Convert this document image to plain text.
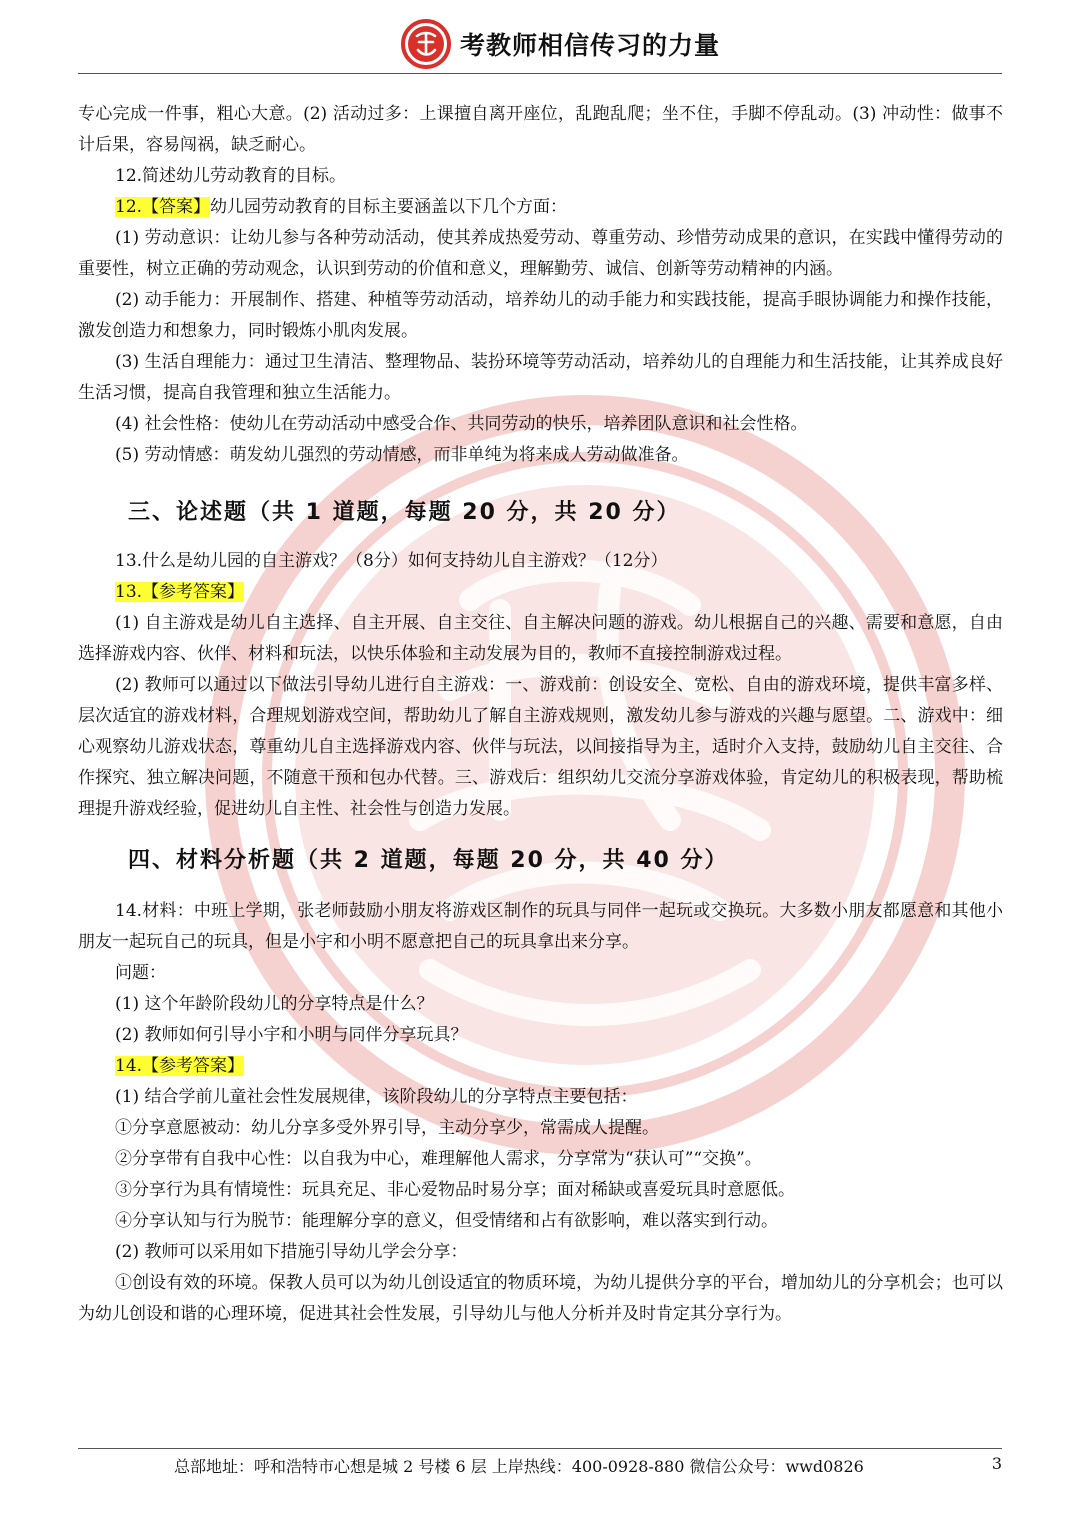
考教师相信传习的力量

专心完成一件事，粗心大意。(2) 活动过多：上课擅自离开座位，乱跑乱爬；坐不住，手脚不停乱动。(3) 冲动性：做事不计后果，容易闯祸，缺乏耐心。

12.简述幼儿劳动教育的目标。

12.【答案】幼儿园劳动教育的目标主要涵盖以下几个方面：

(1) 劳动意识：让幼儿参与各种劳动活动，使其养成热爱劳动、尊重劳动、珍惜劳动成果的意识，在实践中懂得劳动的重要性，树立正确的劳动观念，认识到劳动的价值和意义，理解勤劳、诚信、创新等劳动精神的内涵。

(2) 动手能力：开展制作、搭建、种植等劳动活动，培养幼儿的动手能力和实践技能，提高手眼协调能力和操作技能，激发创造力和想象力，同时锻炼小肌肉发展。

(3) 生活自理能力：通过卫生清洁、整理物品、装扮环境等劳动活动，培养幼儿的自理能力和生活技能，让其养成良好生活习惯，提高自我管理和独立生活能力。

(4) 社会性格：使幼儿在劳动活动中感受合作、共同劳动的快乐，培养团队意识和社会性格。

(5) 劳动情感：萌发幼儿强烈的劳动情感，而非单纯为将来成人劳动做准备。

三、论述题（共 1 道题，每题 20 分，共 20 分）

13.什么是幼儿园的自主游戏？（8分）如何支持幼儿自主游戏？（12分）

13.【参考答案】

(1) 自主游戏是幼儿自主选择、自主开展、自主交往、自主解决问题的游戏。幼儿根据自己的兴趣、需要和意愿，自由选择游戏内容、伙伴、材料和玩法，以快乐体验和主动发展为目的，教师不直接控制游戏过程。

(2) 教师可以通过以下做法引导幼儿进行自主游戏：一、游戏前：创设安全、宽松、自由的游戏环境，提供丰富多样、层次适宜的游戏材料，合理规划游戏空间，帮助幼儿了解自主游戏规则，激发幼儿参与游戏的兴趣与愿望。二、游戏中：细心观察幼儿游戏状态，尊重幼儿自主选择游戏内容、伙伴与玩法，以间接指导为主，适时介入支持，鼓励幼儿自主交往、合作探究、独立解决问题，不随意干预和包办代替。三、游戏后：组织幼儿交流分享游戏体验，肯定幼儿的积极表现，帮助梳理提升游戏经验，促进幼儿自主性、社会性与创造力发展。

四、材料分析题（共 2 道题，每题 20 分，共 40 分）

14.材料：中班上学期，张老师鼓励小朋友将游戏区制作的玩具与同伴一起玩或交换玩。大多数小朋友都愿意和其他小朋友一起玩自己的玩具，但是小宇和小明不愿意把自己的玩具拿出来分享。

问题：

(1) 这个年龄阶段幼儿的分享特点是什么？

(2) 教师如何引导小宇和小明与同伴分享玩具？

14.【参考答案】

(1) 结合学前儿童社会性发展规律，该阶段幼儿的分享特点主要包括：

①分享意愿被动：幼儿分享多受外界引导，主动分享少，常需成人提醒。

②分享带有自我中心性：以自我为中心，难理解他人需求，分享常为“获认可”“交换”。

③分享行为具有情境性：玩具充足、非心爱物品时易分享；面对稀缺或喜爱玩具时意愿低。

④分享认知与行为脱节：能理解分享的意义，但受情绪和占有欲影响，难以落实到行动。

(2) 教师可以采用如下措施引导幼儿学会分享：

①创设有效的环境。保教人员可以为幼儿创设适宜的物质环境，为幼儿提供分享的平台，增加幼儿的分享机会；也可以为幼儿创设和谐的心理环境，促进其社会性发展，引导幼儿与他人分析并及时肯定其分享行为。

总部地址：呼和浩特市心想是城 2 号楼 6 层 上岸热线：400-0928-880 微信公众号：wwd0826	3
